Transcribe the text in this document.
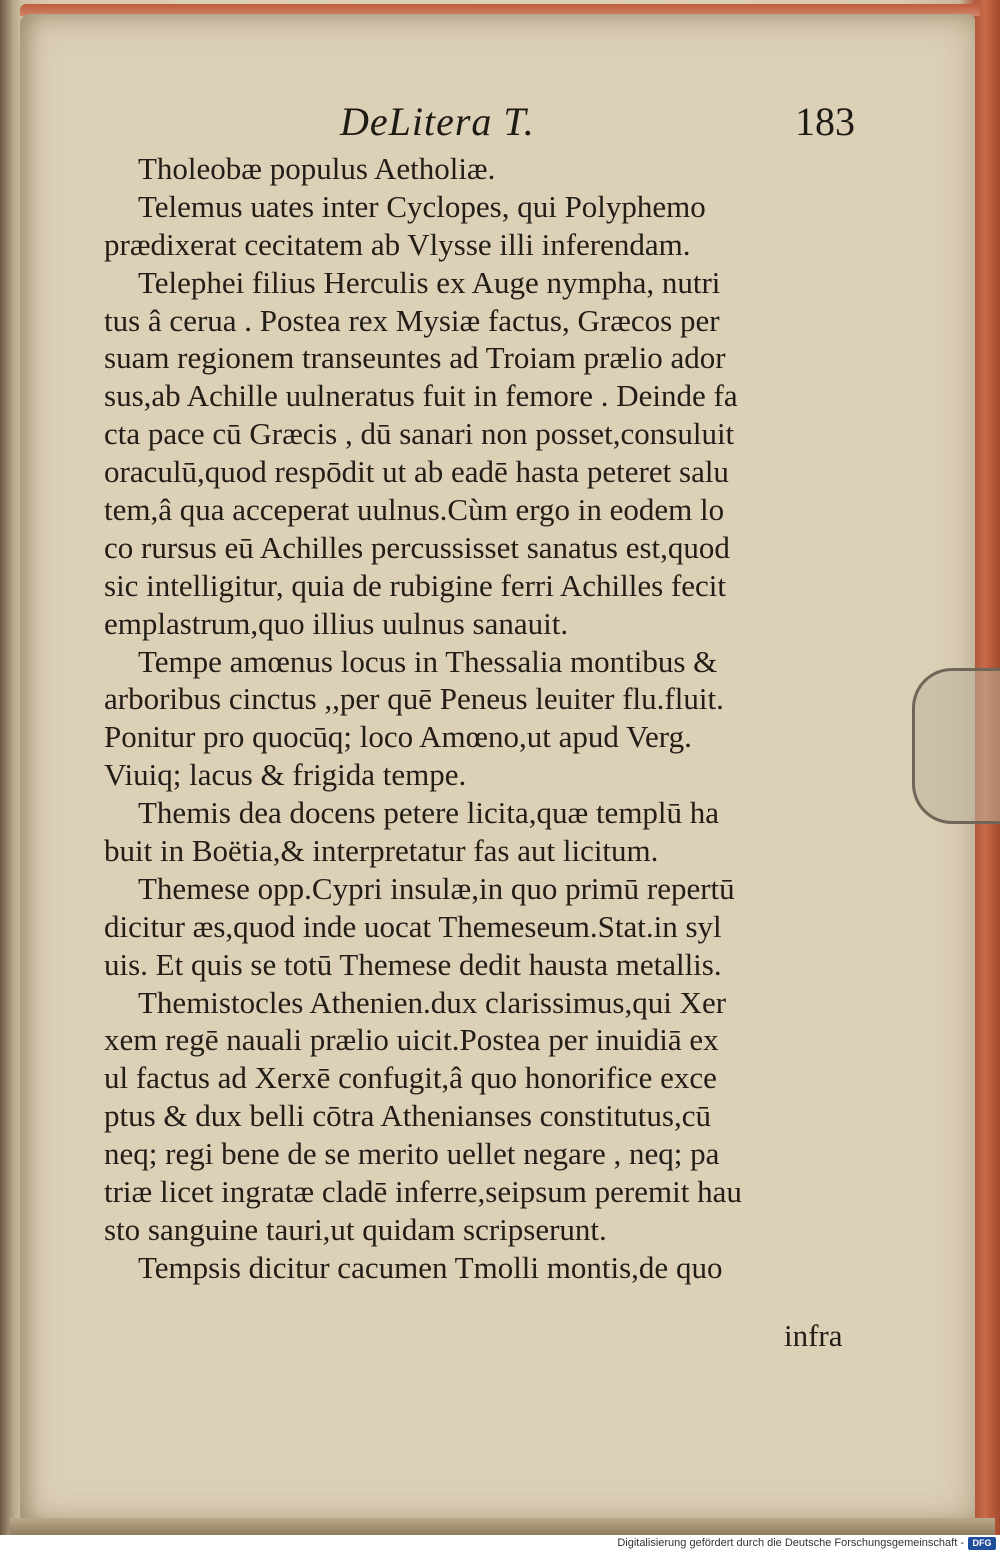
DeLitera T.	183
Tholeobæ populus Aetholiæ.
Telemus uates inter Cyclopes, qui Polyphemo
prædixerat cecitatem ab Vlysse illi inferendam.
Telephei filius Herculis ex Auge nympha, nutri
tus â cerua . Postea rex Mysiæ factus, Græcos per
suam regionem transeuntes ad Troiam prælio ador
sus,ab Achille uulneratus fuit in femore . Deinde fa
cta pace cū Græcis , dū sanari non posset,consuluit
oraculū,quod respōdit ut ab eadē hasta peteret salu
tem,â qua acceperat uulnus.Cùm ergo in eodem lo
co rursus eū Achilles percussisset sanatus est,quod
sic intelligitur, quia de rubigine ferri Achilles fecit
emplastrum,quo illius uulnus sanauit.
Tempe amœnus locus in Thessalia montibus &
arboribus cinctus ,,per quē Peneus leuiter flu.fluit.
Ponitur pro quocūq; loco Amœno,ut apud Verg.
Viuiq; lacus & frigida tempe.
Themis dea docens petere licita,quæ templū ha
buit in Boëtia,& interpretatur fas aut licitum.
Themese opp.Cypri insulæ,in quo primū repertū
dicitur æs,quod inde uocat Themeseum.Stat.in syl
uis. Et quis se totū Themese dedit hausta metallis.
Themistocles Athenien.dux clarissimus,qui Xer
xem regē nauali prælio uicit.Postea per inuidiā ex
ul factus ad Xerxē confugit,â quo honorifice exce
ptus & dux belli cōtra Athenianses constitutus,cū
neq; regi bene de se merito uellet negare , neq; pa
triæ licet ingratæ cladē inferre,seipsum peremit hau
sto sanguine tauri,ut quidam scripserunt.
Tempsis dicitur cacumen Tmolli montis,de quo
infra
Digitalisierung gefördert durch die Deutsche Forschungsgemeinschaft - DFG
